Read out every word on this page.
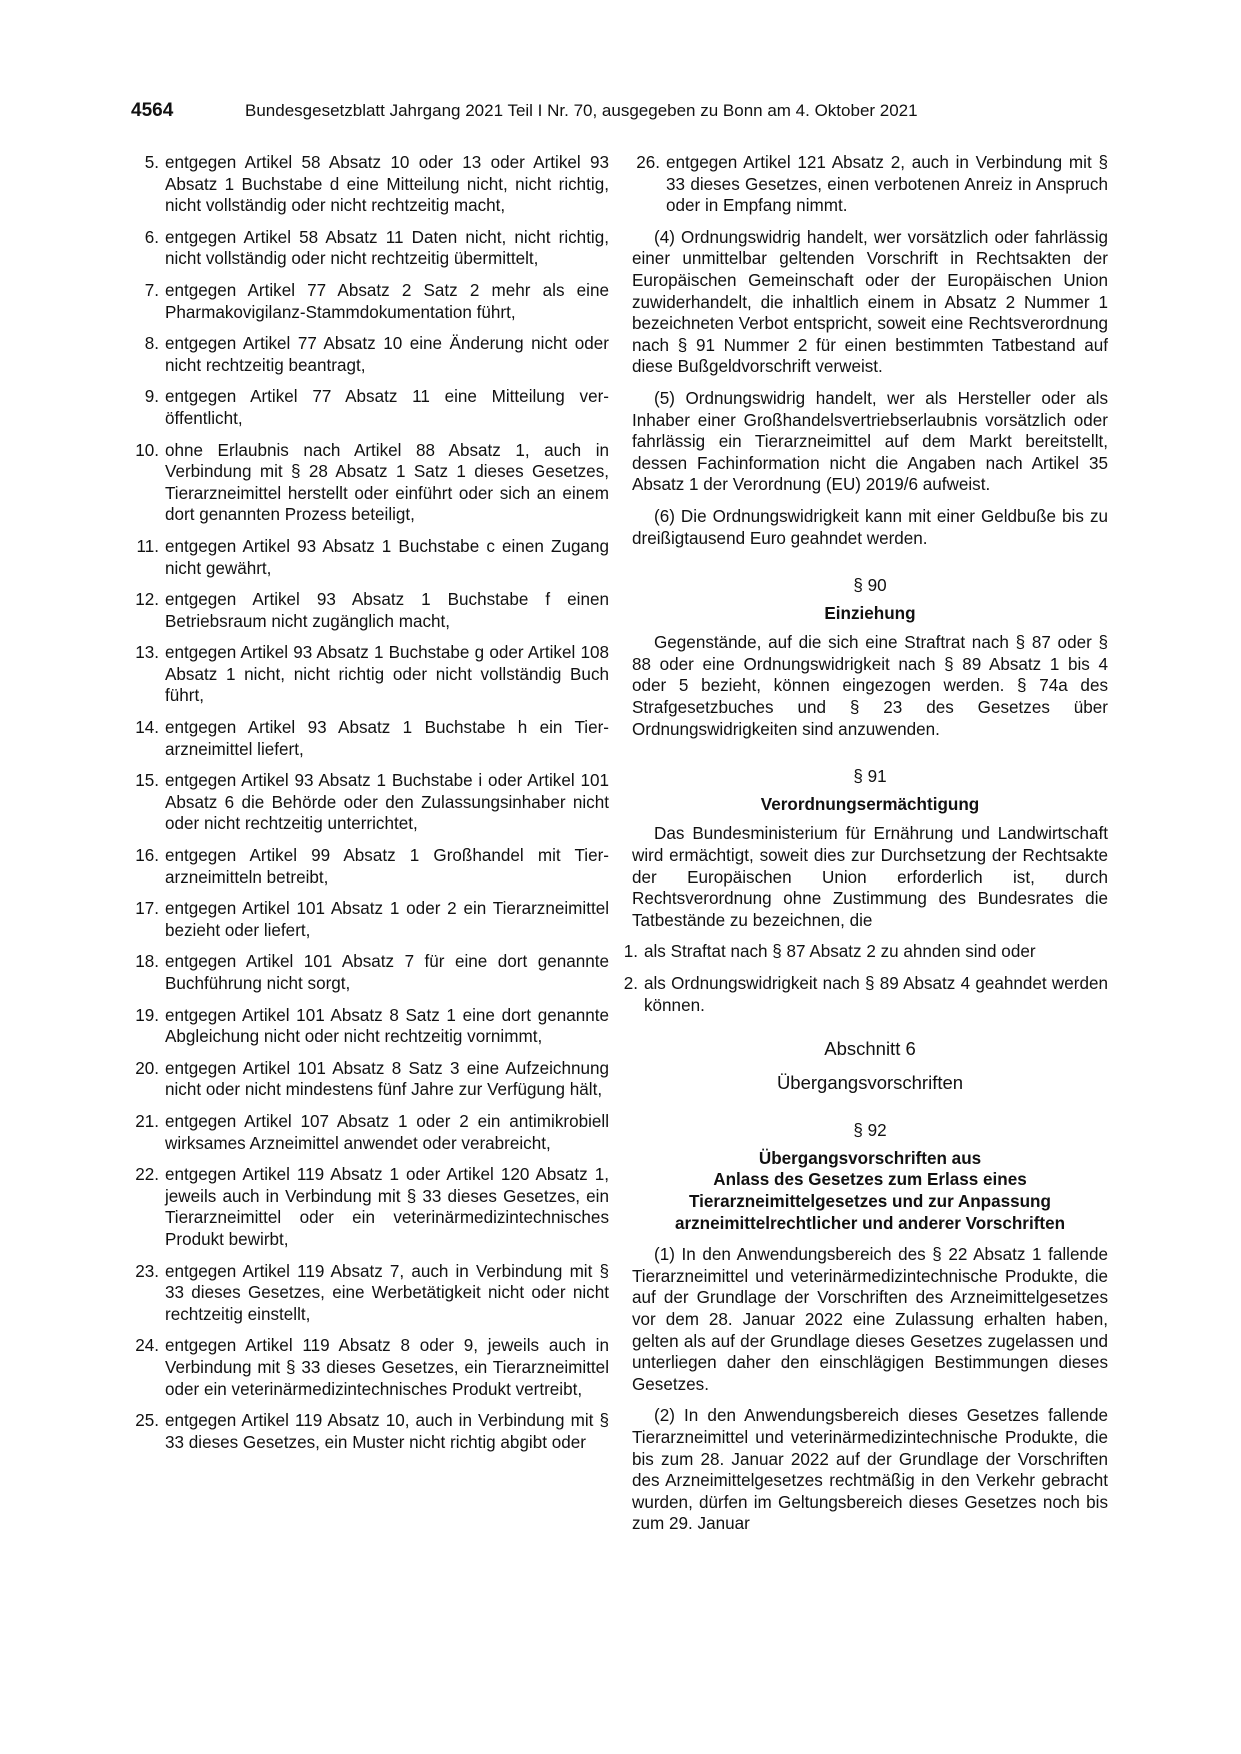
4564	Bundesgesetzblatt Jahrgang 2021 Teil I Nr. 70, ausgegeben zu Bonn am 4. Oktober 2021
5. entgegen Artikel 58 Absatz 10 oder 13 oder Artikel 93 Absatz 1 Buchstabe d eine Mitteilung nicht, nicht richtig, nicht vollständig oder nicht rechtzeitig macht,
6. entgegen Artikel 58 Absatz 11 Daten nicht, nicht richtig, nicht vollständig oder nicht rechtzeitig übermittelt,
7. entgegen Artikel 77 Absatz 2 Satz 2 mehr als eine Pharmakovigilanz-Stammdokumentation führt,
8. entgegen Artikel 77 Absatz 10 eine Änderung nicht oder nicht rechtzeitig beantragt,
9. entgegen Artikel 77 Absatz 11 eine Mitteilung veröffentlicht,
10. ohne Erlaubnis nach Artikel 88 Absatz 1, auch in Verbindung mit § 28 Absatz 1 Satz 1 dieses Gesetzes, Tierarzneimittel herstellt oder einführt oder sich an einem dort genannten Prozess beteiligt,
11. entgegen Artikel 93 Absatz 1 Buchstabe c einen Zugang nicht gewährt,
12. entgegen Artikel 93 Absatz 1 Buchstabe f einen Betriebsraum nicht zugänglich macht,
13. entgegen Artikel 93 Absatz 1 Buchstabe g oder Artikel 108 Absatz 1 nicht, nicht richtig oder nicht vollständig Buch führt,
14. entgegen Artikel 93 Absatz 1 Buchstabe h ein Tierarzneimittel liefert,
15. entgegen Artikel 93 Absatz 1 Buchstabe i oder Artikel 101 Absatz 6 die Behörde oder den Zulassungsinhaber nicht oder nicht rechtzeitig unterrichtet,
16. entgegen Artikel 99 Absatz 1 Großhandel mit Tierarzneimitteln betreibt,
17. entgegen Artikel 101 Absatz 1 oder 2 ein Tierarzneimittel bezieht oder liefert,
18. entgegen Artikel 101 Absatz 7 für eine dort genannte Buchführung nicht sorgt,
19. entgegen Artikel 101 Absatz 8 Satz 1 eine dort genannte Abgleichung nicht oder nicht rechtzeitig vornimmt,
20. entgegen Artikel 101 Absatz 8 Satz 3 eine Aufzeichnung nicht oder nicht mindestens fünf Jahre zur Verfügung hält,
21. entgegen Artikel 107 Absatz 1 oder 2 ein antimikrobiell wirksames Arzneimittel anwendet oder verabreicht,
22. entgegen Artikel 119 Absatz 1 oder Artikel 120 Absatz 1, jeweils auch in Verbindung mit § 33 dieses Gesetzes, ein Tierarzneimittel oder ein veterinärmedizintechnisches Produkt bewirbt,
23. entgegen Artikel 119 Absatz 7, auch in Verbindung mit § 33 dieses Gesetzes, eine Werbetätigkeit nicht oder nicht rechtzeitig einstellt,
24. entgegen Artikel 119 Absatz 8 oder 9, jeweils auch in Verbindung mit § 33 dieses Gesetzes, ein Tierarzneimittel oder ein veterinärmedizintechnisches Produkt vertreibt,
25. entgegen Artikel 119 Absatz 10, auch in Verbindung mit § 33 dieses Gesetzes, ein Muster nicht richtig abgibt oder
26. entgegen Artikel 121 Absatz 2, auch in Verbindung mit § 33 dieses Gesetzes, einen verbotenen Anreiz in Anspruch oder in Empfang nimmt.

(4) Ordnungswidrig handelt, wer vorsätzlich oder fahrlässig einer unmittelbar geltenden Vorschrift in Rechtsakten der Europäischen Gemeinschaft oder der Europäischen Union zuwiderhandelt, die inhaltlich einem in Absatz 2 Nummer 1 bezeichneten Verbot entspricht, soweit eine Rechtsverordnung nach § 91 Nummer 2 für einen bestimmten Tatbestand auf diese Bußgeldvorschrift verweist.

(5) Ordnungswidrig handelt, wer als Hersteller oder als Inhaber einer Großhandelsvertriebserlaubnis vorsätzlich oder fahrlässig ein Tierarzneimittel auf dem Markt bereitstellt, dessen Fachinformation nicht die Angaben nach Artikel 35 Absatz 1 der Verordnung (EU) 2019/6 aufweist.

(6) Die Ordnungswidrigkeit kann mit einer Geldbuße bis zu dreißigtausend Euro geahndet werden.

§ 90
Einziehung

Gegenstände, auf die sich eine Straftrat nach § 87 oder § 88 oder eine Ordnungswidrigkeit nach § 89 Absatz 1 bis 4 oder 5 bezieht, können eingezogen werden. § 74a des Strafgesetzbuches und § 23 des Gesetzes über Ordnungswidrigkeiten sind anzuwenden.

§ 91
Verordnungsermächtigung

Das Bundesministerium für Ernährung und Landwirtschaft wird ermächtigt, soweit dies zur Durchsetzung der Rechtsakte der Europäischen Union erforderlich ist, durch Rechtsverordnung ohne Zustimmung des Bundesrates die Tatbestände zu bezeichnen, die

1. als Straftat nach § 87 Absatz 2 zu ahnden sind oder
2. als Ordnungswidrigkeit nach § 89 Absatz 4 geahndet werden können.
Abschnitt 6
Übergangsvorschriften
§ 92
Übergangsvorschriften aus
Anlass des Gesetzes zum Erlass eines
Tierarzneimittelgesetzes und zur Anpassung
arzneimittelrechtlicher und anderer Vorschriften

(1) In den Anwendungsbereich des § 22 Absatz 1 fallende Tierarzneimittel und veterinärmedizintechnische Produkte, die auf der Grundlage der Vorschriften des Arzneimittelgesetzes vor dem 28. Januar 2022 eine Zulassung erhalten haben, gelten als auf der Grundlage dieses Gesetzes zugelassen und unterliegen daher den einschlägigen Bestimmungen dieses Gesetzes.

(2) In den Anwendungsbereich dieses Gesetzes fallende Tierarzneimittel und veterinärmedizintechnische Produkte, die bis zum 28. Januar 2022 auf der Grundlage der Vorschriften des Arzneimittelgesetzes rechtmäßig in den Verkehr gebracht wurden, dürfen im Geltungsbereich dieses Gesetzes noch bis zum 29. Januar
